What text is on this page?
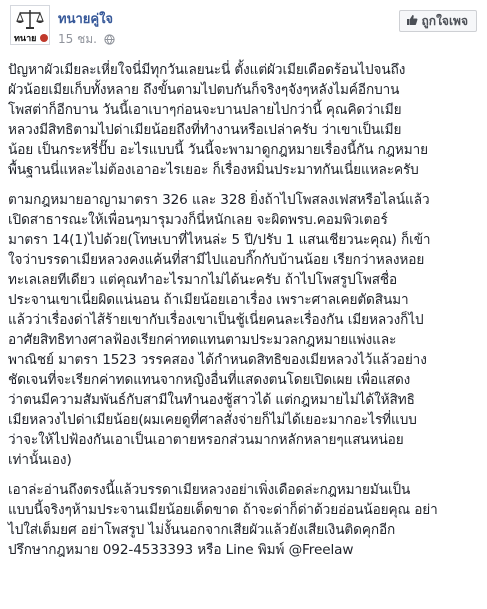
ทนาย
ทนายคู่ใจ
15 ชม.
ถูกใจเพจ

ปัญหาผัวเมียละเหี่ยใจนี่มีทุกวันเลยนะนี่ ตั้งแต่ผัวเมียเดือดร้อนไปจนถึง
ผัวน้อยเมียเก็บทั้งหลาย ถึงขั้นตามไปตบกันก็จริงๆจังๆหลังไมค์อีกบาน
โพสต่าก็อีกบาน วันนี้เอาเบาๆก่อนจะบานปลายไปกว่านี้ คุณคิดว่าเมีย
หลวงมีสิทธิตามไปด่าเมียน้อยถึงที่ทำงานหรือเปล่าครับ ว่าเขาเป็นเมีย
น้อย เป็นกระหรี่ปั๊บ อะไรแบบนี้ วันนี้จะพามาดูกฎหมายเรื่องนี้กัน กฎหมาย
พื้นฐานนี่แหละไม่ต้องเอาอะไรเยอะ ก็เรื่องหมิ่นประมาทกันเนี่ยแหละครับ

ตามกฎหมายอาญามาตรา 326 และ 328 ยิ่งถ้าไปโพสลงเฟสหรือไลน์แล้ว
เปิดสาธารณะให้เพื่อนๆมารุมวงก็นี่หนักเลย จะผิดพรบ.คอมพิวเตอร์
มาตรา 14(1)ไปด้วย(โทษเบาที่ไหนล่ะ 5 ปี/ปรับ 1 แสนเชียวนะคุณ) ก็เข้า
ใจว่าบรรดาเมียหลวงคงแค้นที่สามีไปแอบกิ๊กกับบ้านน้อย เรียกว่าหลงหอย
ทะเลเลยทีเดียว แต่คุณทำอะไรมากไม่ได้นะครับ ถ้าไปโพสรูปโพสชื่อ
ประจานเขาเนี่ยผิดแน่นอน ถ้าเมียน้อยเอาเรื่อง เพราะศาลเคยตัดสินมา
แล้วว่าเรื่องด่าไส้ร้ายเขากับเรื่องเขาเป็นชู้เนี่ยคนละเรื่องกัน เมียหลวงก็ไป
อาศัยสิทธิทางศาลฟ้องเรียกค่าทดแทนตามประมวลกฎหมายแพ่งและ
พาณิชย์ มาตรา 1523 วรรคสอง ได้กำหนดสิทธิของเมียหลวงไว้แล้วอย่าง
ชัดเจนที่จะเรียกค่าทดแทนจากหญิงอื่นที่แสดงตนโดยเปิดเผย เพื่อแสดง
ว่าตนมีความสัมพันธ์กับสามีในทำนองชู้สาวได้ แต่กฎหมายไม่ได้ให้สิทธิ
เมียหลวงไปด่าเมียน้อย(ผมเคยดูที่ศาลสั่งจ่ายก็ไม่ได้เยอะมากอะไรที่แบบ
ว่าจะให้ไปฟ้องกันเอาเป็นเอาตายหรอกส่วนมากหลักหลายๆแสนหน่อย
เท่านั้นเอง)

เอาล่ะอ่านถึงตรงนี้แล้วบรรดาเมียหลวงอย่าเพิ่งเดือดล่ะกฎหมายมันเป็น
แบบนี้จริงๆห้ามประจานเมียน้อยเด็ดขาด ถ้าจะด่าก็ด่าด้วยอ่อนน้อยคุณ อย่า
ไปใส่เต็มยศ อย่าโพสรูป ไม่งั้นนอกจากเสียผัวแล้วยังเสียเงินติดคุกอีก
ปรึกษากฎหมาย 092-4533393 หรือ Line พิมพ์ @Freelaw
